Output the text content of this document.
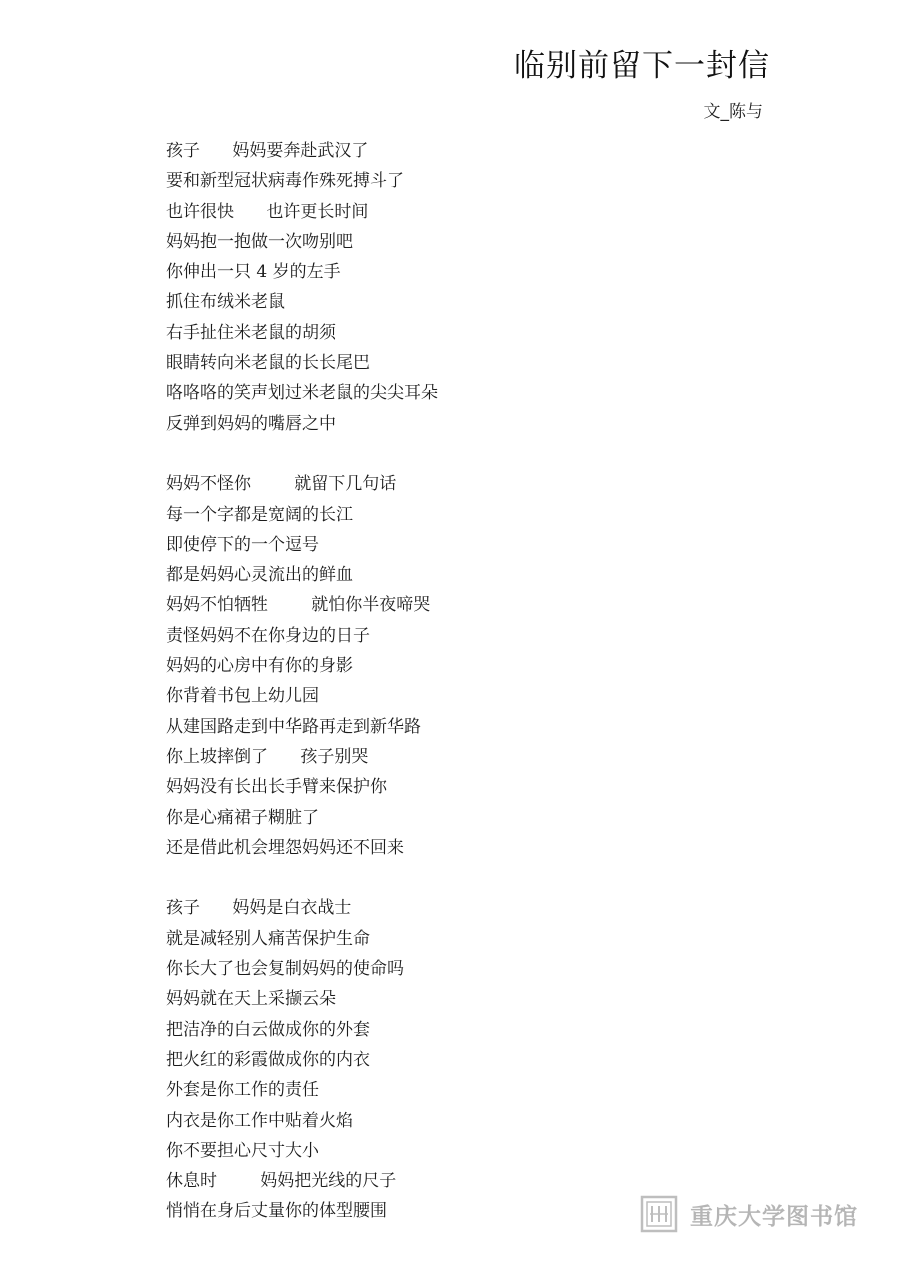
临别前留下一封信
文_陈与
孩子      妈妈要奔赴武汉了
要和新型冠状病毒作殊死搏斗了
也许很快      也许更长时间
妈妈抱一抱做一次吻别吧
你伸出一只 4 岁的左手
抓住布绒米老鼠
右手扯住米老鼠的胡须
眼睛转向米老鼠的长长尾巴
咯咯咯的笑声划过米老鼠的尖尖耳朵
反弹到妈妈的嘴唇之中
妈妈不怪你        就留下几句话
每一个字都是宽阔的长江
即使停下的一个逗号
都是妈妈心灵流出的鲜血
妈妈不怕牺牲        就怕你半夜啼哭
责怪妈妈不在你身边的日子
妈妈的心房中有你的身影
你背着书包上幼儿园
从建国路走到中华路再走到新华路
你上坡摔倒了      孩子别哭
妈妈没有长出长手臂来保护你
你是心痛裙子糊脏了
还是借此机会埋怨妈妈还不回来
孩子      妈妈是白衣战士
就是减轻别人痛苦保护生命
你长大了也会复制妈妈的使命吗
妈妈就在天上采撷云朵
把洁净的白云做成你的外套
把火红的彩霞做成你的内衣
外套是你工作的责任
内衣是你工作中贴着火焰
你不要担心尺寸大小
休息时        妈妈把光线的尺子
悄悄在身后丈量你的体型腰围	重庆大学图书馆
